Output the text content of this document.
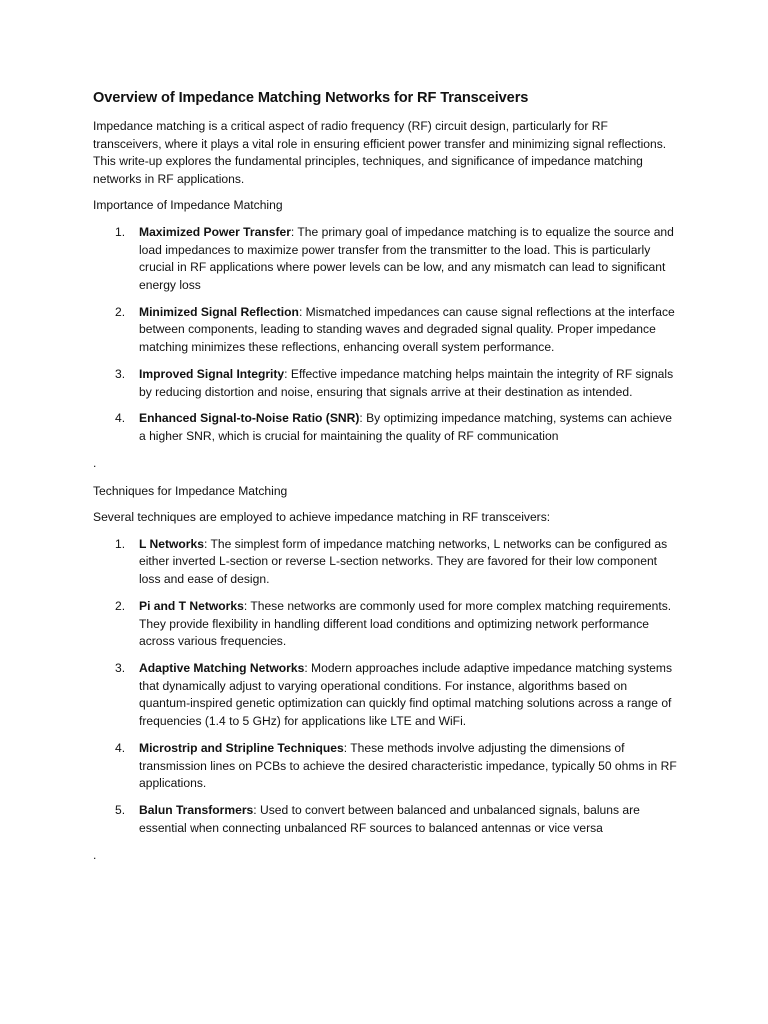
Overview of Impedance Matching Networks for RF Transceivers

Impedance matching is a critical aspect of radio frequency (RF) circuit design, particularly for RF transceivers, where it plays a vital role in ensuring efficient power transfer and minimizing signal reflections. This write-up explores the fundamental principles, techniques, and significance of impedance matching networks in RF applications.

Importance of Impedance Matching

1. Maximized Power Transfer: The primary goal of impedance matching is to equalize the source and load impedances to maximize power transfer from the transmitter to the load. This is particularly crucial in RF applications where power levels can be low, and any mismatch can lead to significant energy loss
2. Minimized Signal Reflection: Mismatched impedances can cause signal reflections at the interface between components, leading to standing waves and degraded signal quality. Proper impedance matching minimizes these reflections, enhancing overall system performance.
3. Improved Signal Integrity: Effective impedance matching helps maintain the integrity of RF signals by reducing distortion and noise, ensuring that signals arrive at their destination as intended.
4. Enhanced Signal-to-Noise Ratio (SNR): By optimizing impedance matching, systems can achieve a higher SNR, which is crucial for maintaining the quality of RF communication

.

Techniques for Impedance Matching

Several techniques are employed to achieve impedance matching in RF transceivers:

1. L Networks: The simplest form of impedance matching networks, L networks can be configured as either inverted L-section or reverse L-section networks. They are favored for their low component loss and ease of design.
2. Pi and T Networks: These networks are commonly used for more complex matching requirements. They provide flexibility in handling different load conditions and optimizing network performance across various frequencies.
3. Adaptive Matching Networks: Modern approaches include adaptive impedance matching systems that dynamically adjust to varying operational conditions. For instance, algorithms based on quantum-inspired genetic optimization can quickly find optimal matching solutions across a range of frequencies (1.4 to 5 GHz) for applications like LTE and WiFi.
4. Microstrip and Stripline Techniques: These methods involve adjusting the dimensions of transmission lines on PCBs to achieve the desired characteristic impedance, typically 50 ohms in RF applications.
5. Balun Transformers: Used to convert between balanced and unbalanced signals, baluns are essential when connecting unbalanced RF sources to balanced antennas or vice versa

.
